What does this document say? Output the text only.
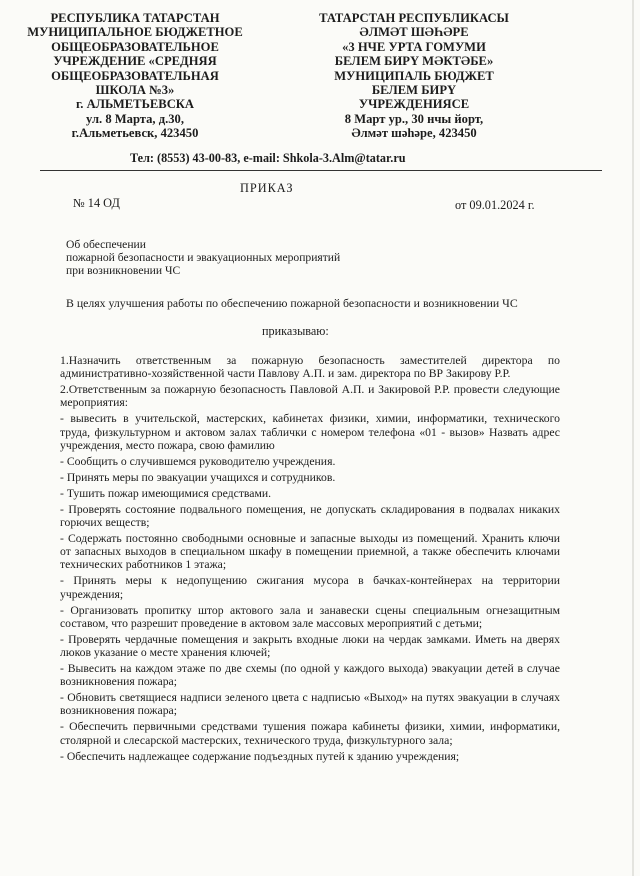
РЕСПУБЛИКА ТАТАРСТАН
МУНИЦИПАЛЬНОЕ БЮДЖЕТНОЕ
ОБЩЕОБРАЗОВАТЕЛЬНОЕ
УЧРЕЖДЕНИЕ «СРЕДНЯЯ
ОБЩЕОБРАЗОВАТЕЛЬНАЯ
ШКОЛА №3»
г. АЛЬМЕТЬЕВСКА
ул. 8 Марта, д.30,
г.Альметьевск, 423450
ТАТАРСТАН РЕСПУБЛИКАСЫ
ӘЛМӘТ ШӘҺӘРЕ
«3 НЧЕ УРТА ГОМУМИ
БЕЛЕМ БИРҮ МӘКТӘБЕ»
МУНИЦИПАЛЬ БЮДЖЕТ
БЕЛЕМ БИРҮ
УЧРЕЖДЕНИЯСЕ
8 Март ур., 30 нчы йорт,
Әлмәт шәһәре, 423450
Тел: (8553) 43-00-83, e-mail: Shkola-3.Alm@tatar.ru
ПРИКАЗ
№ 14 ОД	от 09.01.2024 г.
Об обеспечении
пожарной безопасности и эвакуационных мероприятий
при возникновении ЧС
В целях улучшения работы по обеспечению пожарной безопасности и возникновении ЧС
приказываю:

1.Назначить ответственным за пожарную безопасность заместителей директора по административно-хозяйственной части Павлову А.П. и зам. директора по ВР Закирову Р.Р.

2.Ответственным за пожарную безопасность Павловой А.П. и Закировой Р.Р. провести следующие мероприятия:

- вывесить в учительской, мастерских, кабинетах физики, химии, информатики, технического труда, физкультурном и актовом залах таблички с номером телефона «01 - вызов» Назвать адрес учреждения, место пожара, свою фамилию

- Сообщить о случившемся руководителю учреждения.

- Принять меры по эвакуации учащихся и сотрудников.

- Тушить пожар имеющимися средствами.

- Проверять состояние подвального помещения, не допускать складирования в подвалах никаких горючих веществ;

- Содержать постоянно свободными основные и запасные выходы из помещений. Хранить ключи от запасных выходов в специальном шкафу в помещении приемной, а также обеспечить ключами технических работников 1 этажа;

- Принять меры к недопущению сжигания мусора в бачках-контейнерах на территории учреждения;

- Организовать пропитку штор актового зала и занавески сцены специальным огнезащитным составом, что разрешит проведение в актовом зале массовых мероприятий с детьми;

- Проверять чердачные помещения и закрыть входные люки на чердак замками. Иметь на дверях люков указание о месте хранения ключей;

- Вывесить на каждом этаже по две схемы (по одной у каждого выхода) эвакуации детей в случае возникновения пожара;

- Обновить светящиеся надписи зеленого цвета с надписью «Выход» на путях эвакуации в случаях возникновения пожара;

- Обеспечить первичными средствами тушения пожара кабинеты физики, химии, информатики, столярной и слесарской мастерских, технического труда, физкультурного зала;

- Обеспечить надлежащее содержание подъездных путей к зданию учреждения;
